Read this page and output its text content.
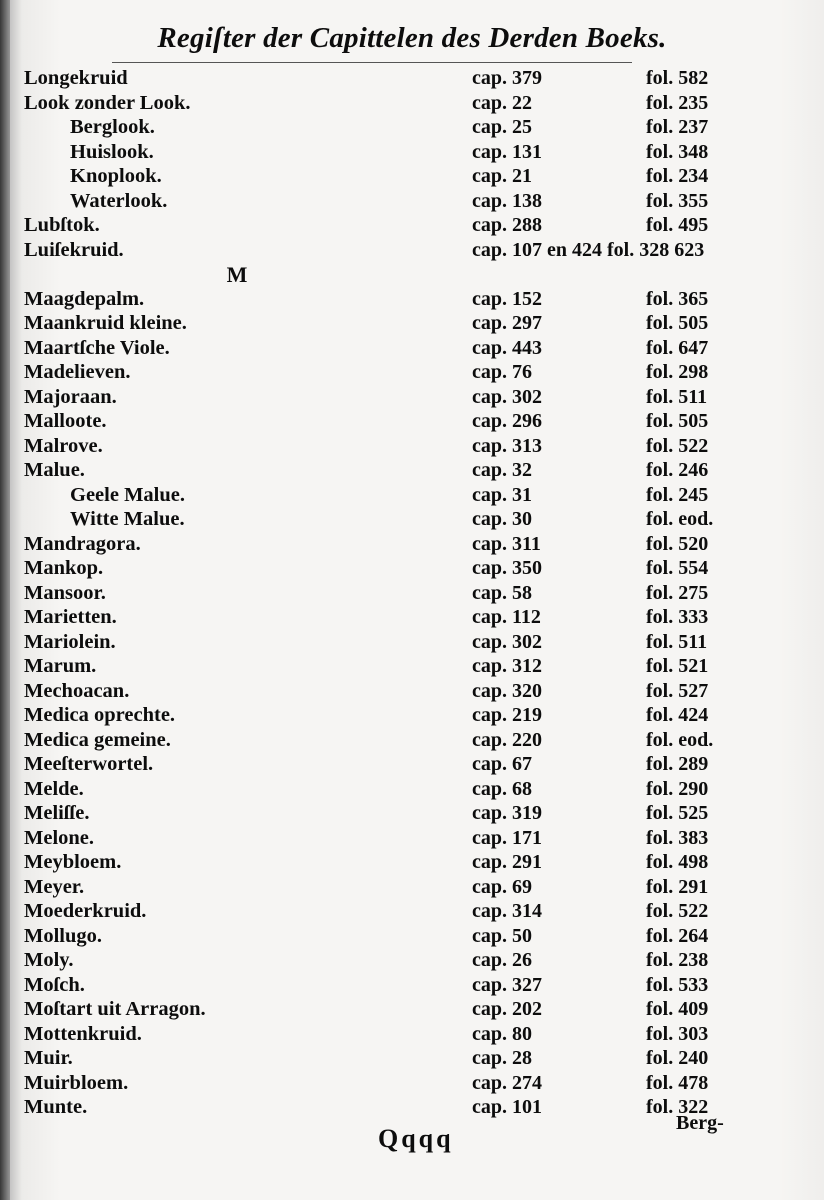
Regiſter der Capittelen des Derden Boeks.
Longekruid	cap. 379	fol. 582
Look zonder Look.	cap. 22	fol. 235
Berglook.	cap. 25	fol. 237
Huislook.	cap. 131	fol. 348
Knoplook.	cap. 21	fol. 234
Waterlook.	cap. 138	fol. 355
Lubſtok.	cap. 288	fol. 495
Luiſekruid.	cap. 107 en 424 fol. 328 623
M
Maagdepalm.	cap. 152	fol. 365
Maankruid kleine.	cap. 297	fol. 505
Maartſche Viole.	cap. 443	fol. 647
Madelieven.	cap. 76	fol. 298
Majoraan.	cap. 302	fol. 511
Malloote.	cap. 296	fol. 505
Malrove.	cap. 313	fol. 522
Malue.	cap. 32	fol. 246
Geele Malue.	cap. 31	fol. 245
Witte Malue.	cap. 30	fol. eod.
Mandragora.	cap. 311	fol. 520
Mankop.	cap. 350	fol. 554
Mansoor.	cap. 58	fol. 275
Marietten.	cap. 112	fol. 333
Mariolein.	cap. 302	fol. 511
Marum.	cap. 312	fol. 521
Mechoacan.	cap. 320	fol. 527
Medica oprechte.	cap. 219	fol. 424
Medica gemeine.	cap. 220	fol. eod.
Meeſterwortel.	cap. 67	fol. 289
Melde.	cap. 68	fol. 290
Meliſſe.	cap. 319	fol. 525
Melone.	cap. 171	fol. 383
Meybloem.	cap. 291	fol. 498
Meyer.	cap. 69	fol. 291
Moederkruid.	cap. 314	fol. 522
Mollugo.	cap. 50	fol. 264
Moly.	cap. 26	fol. 238
Moſch.	cap. 327	fol. 533
Moſtart uit Arragon.	cap. 202	fol. 409
Mottenkruid.	cap. 80	fol. 303
Muir.	cap. 28	fol. 240
Muirbloem.	cap. 274	fol. 478
Munte.	cap. 101	fol. 322
Qqqq
Berg-
